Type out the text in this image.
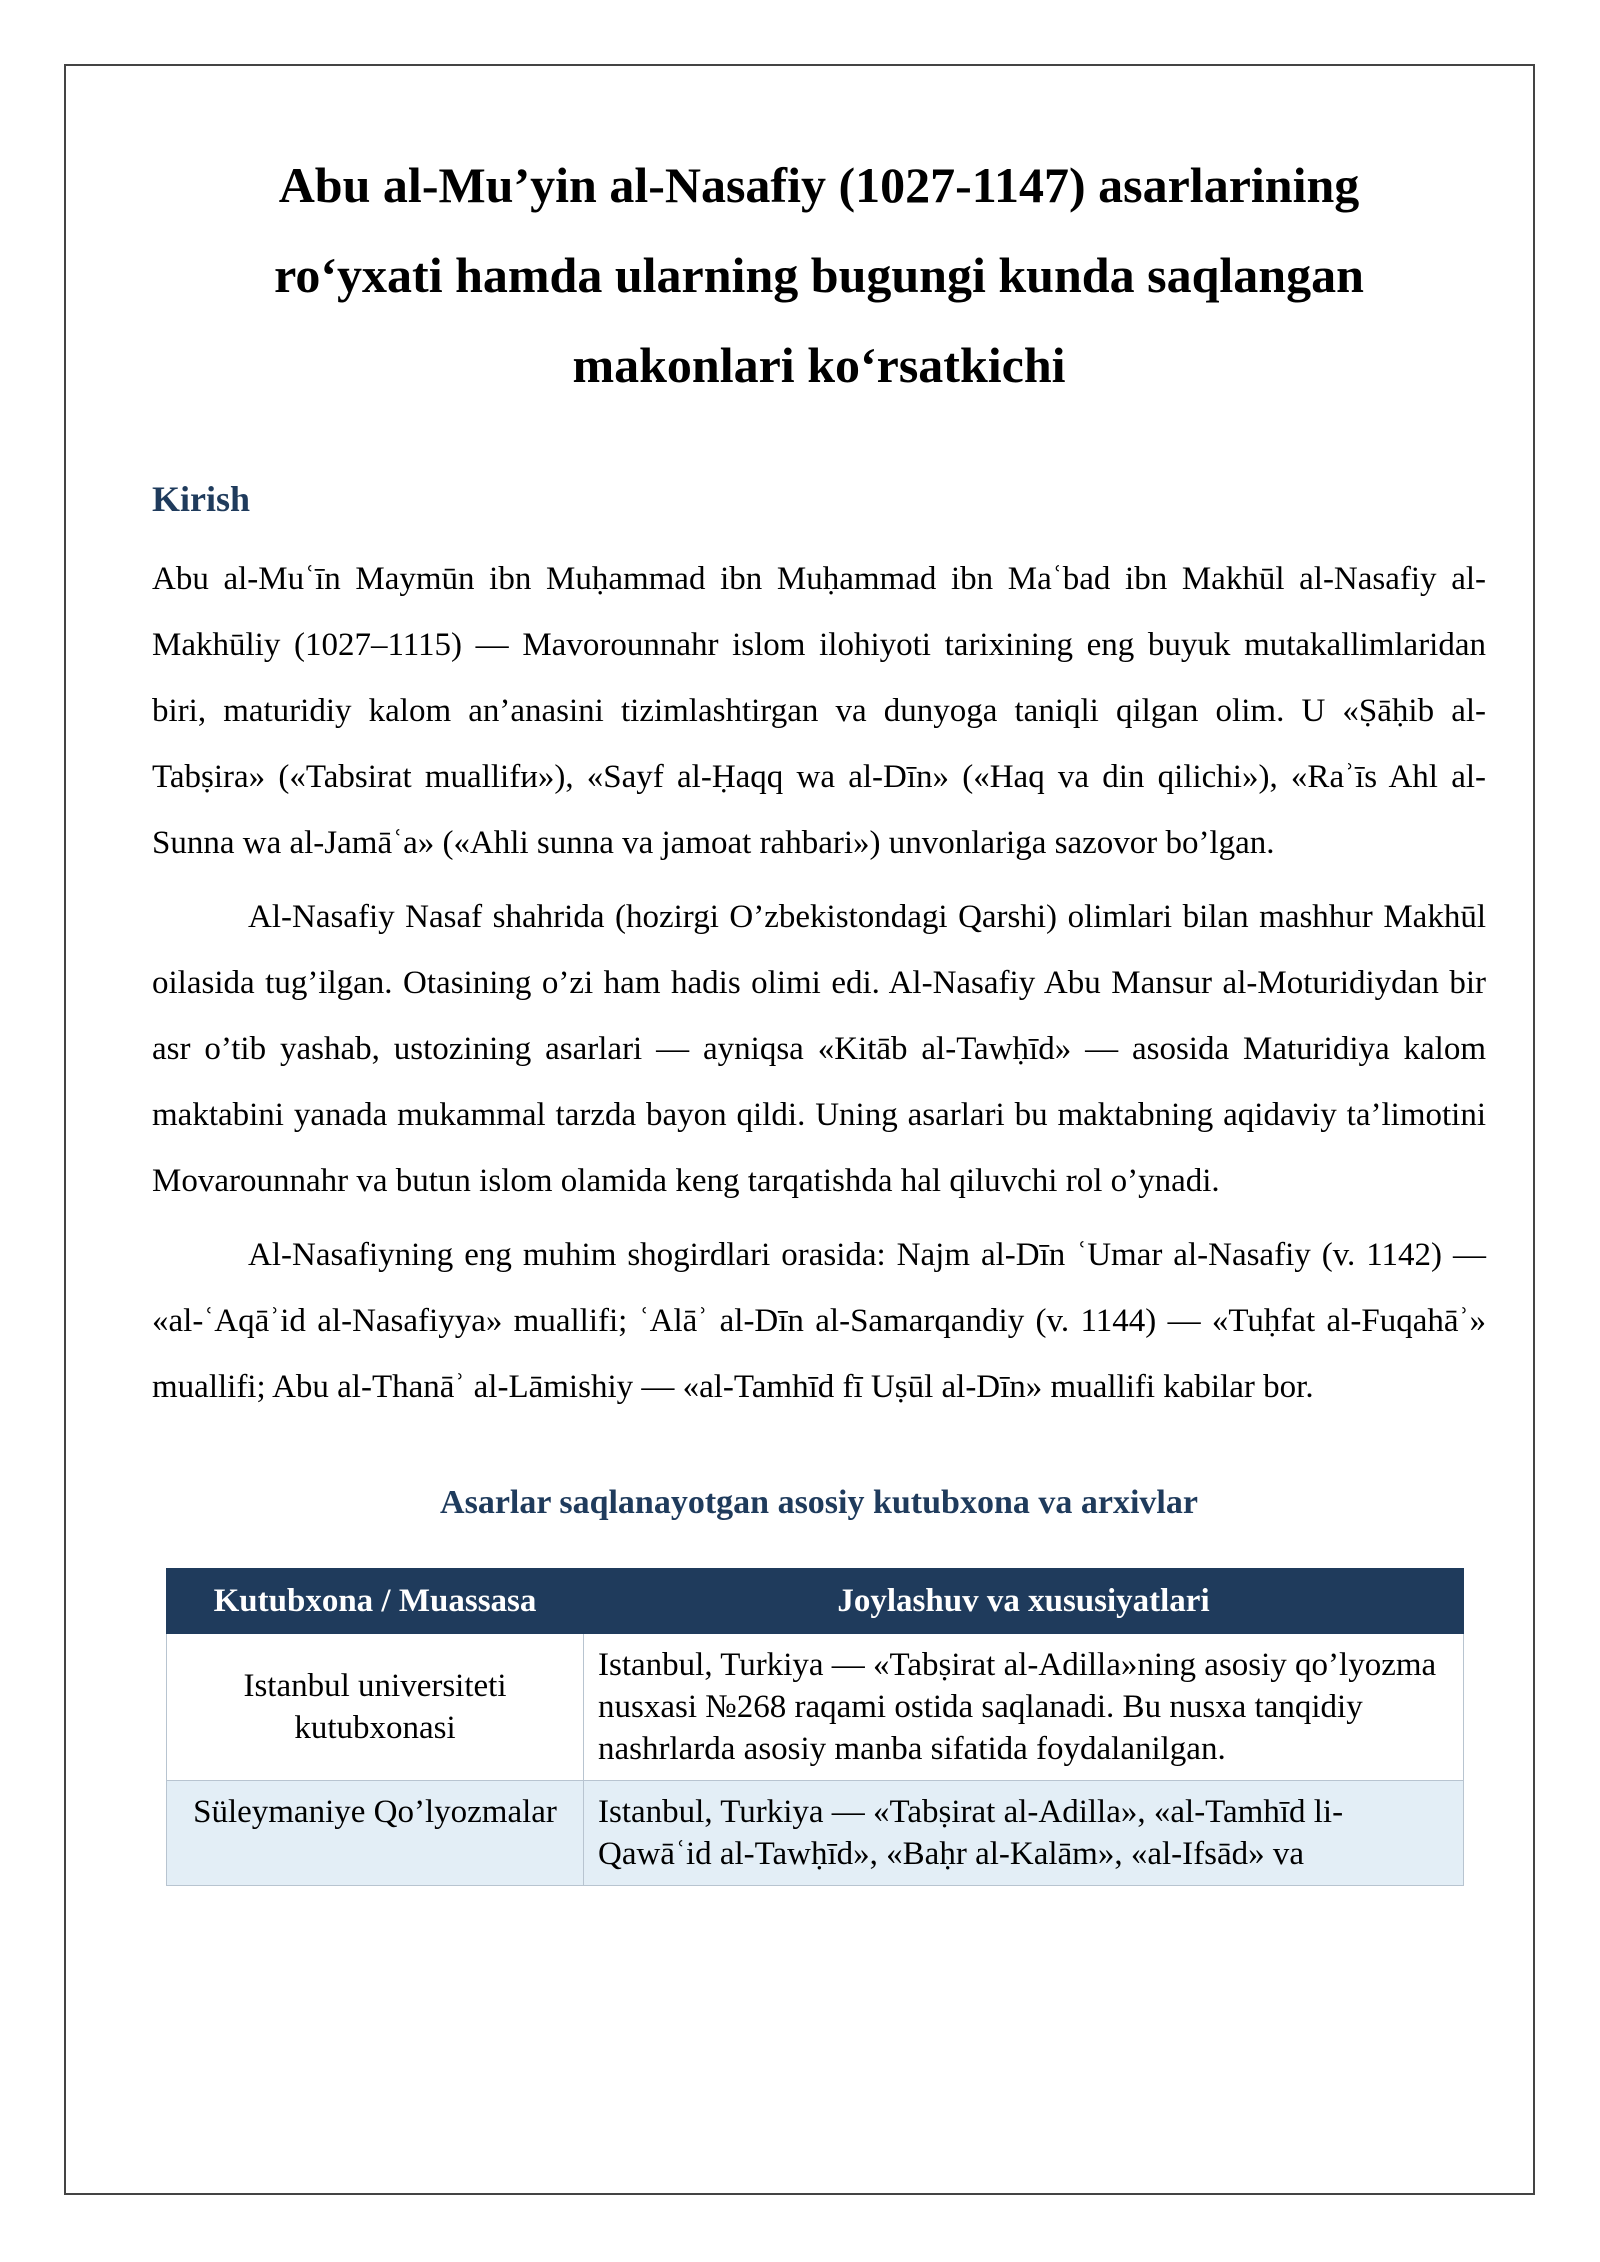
Abu al-Mu’yin al-Nasafiy (1027-1147) asarlarining ro‘yxati hamda ularning bugungi kunda saqlangan makonlari ko‘rsatkichi
Kirish

Abu al-Muʿīn Maymūn ibn Muḥammad ibn Muḥammad ibn Maʿbad ibn Makhūl al-Nasafiy al-Makhūliy (1027–1115) — Mavorounnahr islom ilohiyoti tarixining eng buyuk mutakallimlaridan biri, maturidiy kalom an’anasini tizimlashtirgan va dunyoga taniqli qilgan olim. U «Ṣāḥib al-Tabṣira» («Tabsirat muallifи»), «Sayf al-Ḥaqq wa al-Dīn» («Haq va din qilichi»), «Raʾīs Ahl al-Sunna wa al-Jamāʿa» («Ahli sunna va jamoat rahbari») unvonlariga sazovor bo’lgan.

Al-Nasafiy Nasaf shahrida (hozirgi O’zbekistondagi Qarshi) olimlari bilan mashhur Makhūl oilasida tug’ilgan. Otasining o’zi ham hadis olimi edi. Al-Nasafiy Abu Mansur al-Moturidiydan bir asr o’tib yashab, ustozining asarlari — ayniqsa «Kitāb al-Tawḥīd» — asosida Maturidiya kalom maktabini yanada mukammal tarzda bayon qildi. Uning asarlari bu maktabning aqidaviy ta’limotini Movarounnahr va butun islom olamida keng tarqatishda hal qiluvchi rol o’ynadi.

Al-Nasafiyning eng muhim shogirdlari orasida: Najm al-Dīn ʿUmar al-Nasafiy (v. 1142) — «al-ʿAqāʾid al-Nasafiyya» muallifi; ʿAlāʾ al-Dīn al-Samarqandiy (v. 1144) — «Tuḥfat al-Fuqahāʾ» muallifi; Abu al-Thanāʾ al-Lāmishiy — «al-Tamhīd fī Uṣūl al-Dīn» muallifi kabilar bor.

Asarlar saqlanayotgan asosiy kutubxona va arxivlar
Kutubxona / Muassasa	Joylashuv va xususiyatlari
Istanbul universiteti kutubxonasi	Istanbul, Turkiya — «Tabṣirat al-Adilla»ning asosiy qo’lyozma nusxasi №268 raqami ostida saqlanadi. Bu nusxa tanqidiy nashrlarda asosiy manba sifatida foydalanilgan.
Süleymaniye Qo’lyozmalar	Istanbul, Turkiya — «Tabṣirat al-Adilla», «al-Tamhīd li-Qawāʿid al-Tawḥīd», «Baḥr al-Kalām», «al-Ifsād» va
